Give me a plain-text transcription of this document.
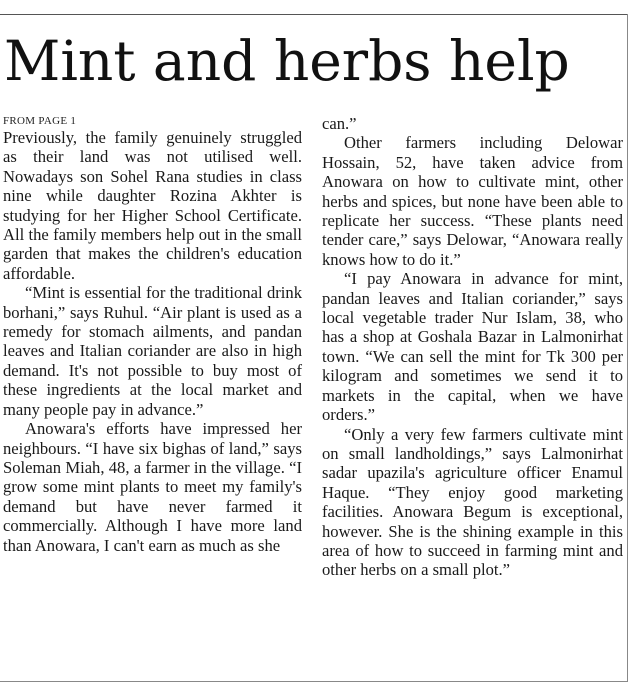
Mint and herbs help
FROM PAGE 1

Previously, the family genuinely struggled as their land was not utilised well. Nowadays son Sohel Rana studies in class nine while daughter Rozina Akhter is studying for her Higher School Certificate. All the family members help out in the small garden that makes the children's education affordable.

“Mint is essential for the traditional drink borhani,” says Ruhul. “Air plant is used as a remedy for stomach ailments, and pandan leaves and Italian coriander are also in high demand. It's not possible to buy most of these ingredients at the local market and many people pay in advance.”

Anowara's efforts have impressed her neighbours. “I have six bighas of land,” says Soleman Miah, 48, a farmer in the village. “I grow some mint plants to meet my family's demand but have never farmed it commercially. Although I have more land than Anowara, I can't earn as much as she

can.”

Other farmers including Delowar Hossain, 52, have taken advice from Anowara on how to cultivate mint, other herbs and spices, but none have been able to replicate her success. “These plants need tender care,” says Delowar, “Anowara really knows how to do it.”

“I pay Anowara in advance for mint, pandan leaves and Italian coriander,” says local vegetable trader Nur Islam, 38, who has a shop at Goshala Bazar in Lalmonirhat town. “We can sell the mint for Tk 300 per kilogram and sometimes we send it to markets in the capital, when we have orders.”

“Only a very few farmers cultivate mint on small landholdings,” says Lalmonirhat sadar upazila's agriculture officer Enamul Haque. “They enjoy good marketing facilities. Anowara Begum is exceptional, however. She is the shining example in this area of how to succeed in farming mint and other herbs on a small plot.”
